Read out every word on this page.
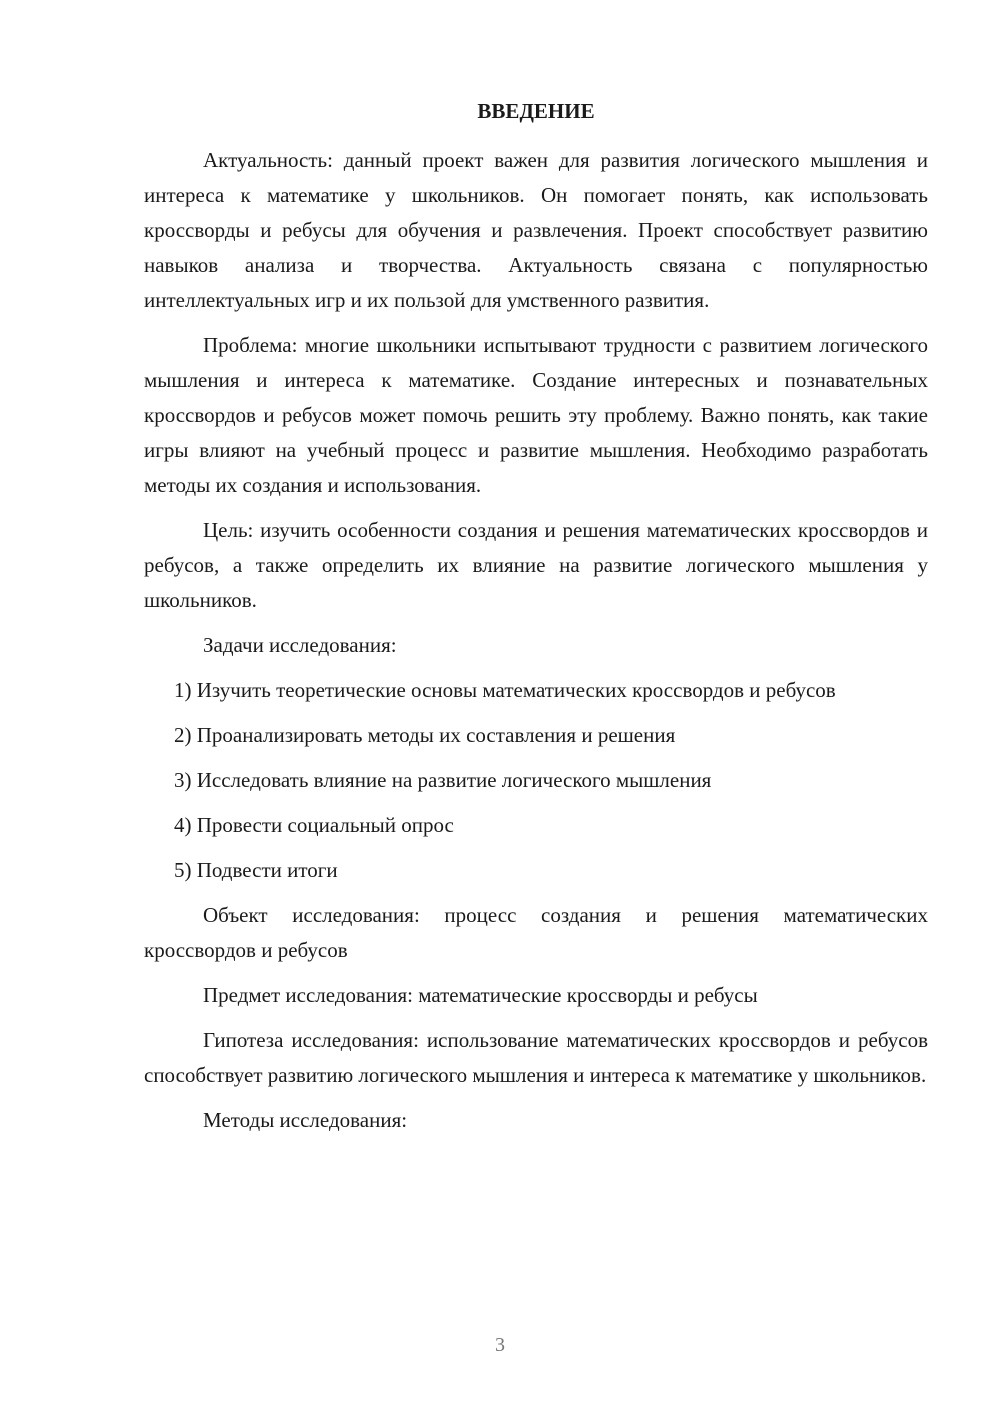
ВВЕДЕНИЕ

Актуальность: данный проект важен для развития логического мышления и интереса к математике у школьников. Он помогает понять, как использовать кроссворды и ребусы для обучения и развлечения. Проект способствует развитию навыков анализа и творчества. Актуальность связана с популярностью интеллектуальных игр и их пользой для умственного развития.

Проблема: многие школьники испытывают трудности с развитием логического мышления и интереса к математике. Создание интересных и познавательных кроссвордов и ребусов может помочь решить эту проблему. Важно понять, как такие игры влияют на учебный процесс и развитие мышления. Необходимо разработать методы их создания и использования.

Цель: изучить особенности создания и решения математических кроссвордов и ребусов, а также определить их влияние на развитие логического мышления у школьников.

Задачи исследования:

1) Изучить теоретические основы математических кроссвордов и ребусов

2) Проанализировать методы их составления и решения

3) Исследовать влияние на развитие логического мышления

4) Провести социальный опрос

5) Подвести итоги

Объект исследования: процесс создания и решения математических кроссвордов и ребусов

Предмет исследования: математические кроссворды и ребусы

Гипотеза исследования: использование математических кроссвордов и ребусов способствует развитию логического мышления и интереса к математике у школьников.

Методы исследования:

3
